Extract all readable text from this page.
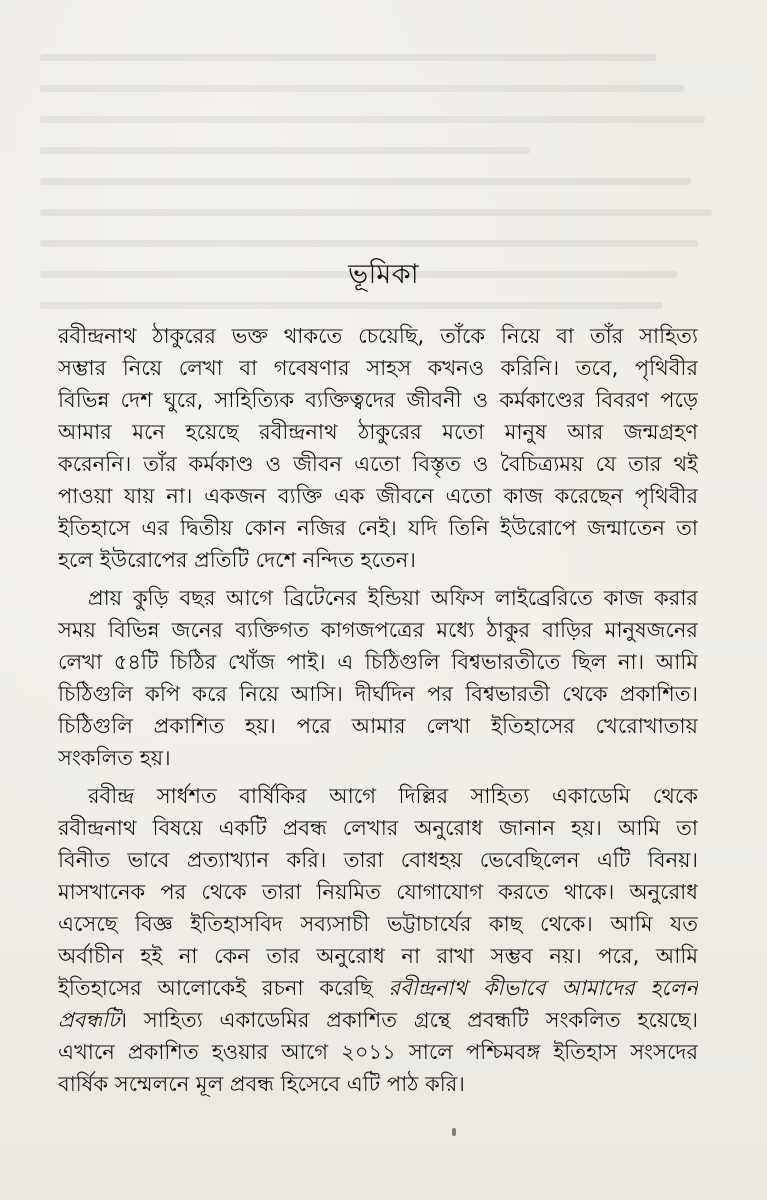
ভূমিকা
রবীন্দ্রনাথ ঠাকুরের ভক্ত থাকতে চেয়েছি, তাঁকে নিয়ে বা তাঁর সাহিত্য
সম্ভার নিয়ে লেখা বা গবেষণার সাহস কখনও করিনি। তবে, পৃথিবীর
বিভিন্ন দেশ ঘুরে, সাহিত্যিক ব্যক্তিত্বদের জীবনী ও কর্মকাণ্ডের বিবরণ পড়ে
আমার মনে হয়েছে রবীন্দ্রনাথ ঠাকুরের মতো মানুষ আর জন্মগ্রহণ
করেননি। তাঁর কর্মকাণ্ড ও জীবন এতো বিস্তৃত ও বৈচিত্র্যময় যে তার থই
পাওয়া যায় না। একজন ব্যক্তি এক জীবনে এতো কাজ করেছেন পৃথিবীর
ইতিহাসে এর দ্বিতীয় কোন নজির নেই। যদি তিনি ইউরোপে জন্মাতেন তা
হলে ইউরোপের প্রতিটি দেশে নন্দিত হতেন।
প্রায় কুড়ি বছর আগে ব্রিটেনের ইন্ডিয়া অফিস লাইব্রেরিতে কাজ করার
সময় বিভিন্ন জনের ব্যক্তিগত কাগজপত্রের মধ্যে ঠাকুর বাড়ির মানুষজনের
লেখা ৫৪টি চিঠির খোঁজ পাই। এ চিঠিগুলি বিশ্বভারতীতে ছিল না। আমি
চিঠিগুলি কপি করে নিয়ে আসি। দীর্ঘদিন পর বিশ্বভারতী থেকে প্রকাশিত।
চিঠিগুলি প্রকাশিত হয়। পরে আমার লেখা ইতিহাসের খেরোখাতায়
সংকলিত হয়।
রবীন্দ্র সার্ধশত বার্ষিকির আগে দিল্লির সাহিত্য একাডেমি থেকে
রবীন্দ্রনাথ বিষয়ে একটি প্রবন্ধ লেখার অনুরোধ জানান হয়। আমি তা
বিনীত ভাবে প্রত্যাখ্যান করি। তারা বোধহয় ভেবেছিলেন এটি বিনয়।
মাসখানেক পর থেকে তারা নিয়মিত যোগাযোগ করতে থাকে। অনুরোধ
এসেছে বিজ্ঞ ইতিহাসবিদ সব্যসাচী ভট্টাচার্যের কাছ থেকে। আমি যত
অর্বাচীন হই না কেন তার অনুরোধ না রাখা সম্ভব নয়। পরে, আমি
ইতিহাসের আলোকেই রচনা করেছি রবীন্দ্রনাথ কীভাবে আমাদের হলেন
প্রবন্ধটি। সাহিত্য একাডেমির প্রকাশিত গ্রন্থে প্রবন্ধটি সংকলিত হয়েছে।
এখানে প্রকাশিত হওয়ার আগে ২০১১ সালে পশ্চিমবঙ্গ ইতিহাস সংসদের
বার্ষিক সম্মেলনে মূল প্রবন্ধ হিসেবে এটি পাঠ করি।
